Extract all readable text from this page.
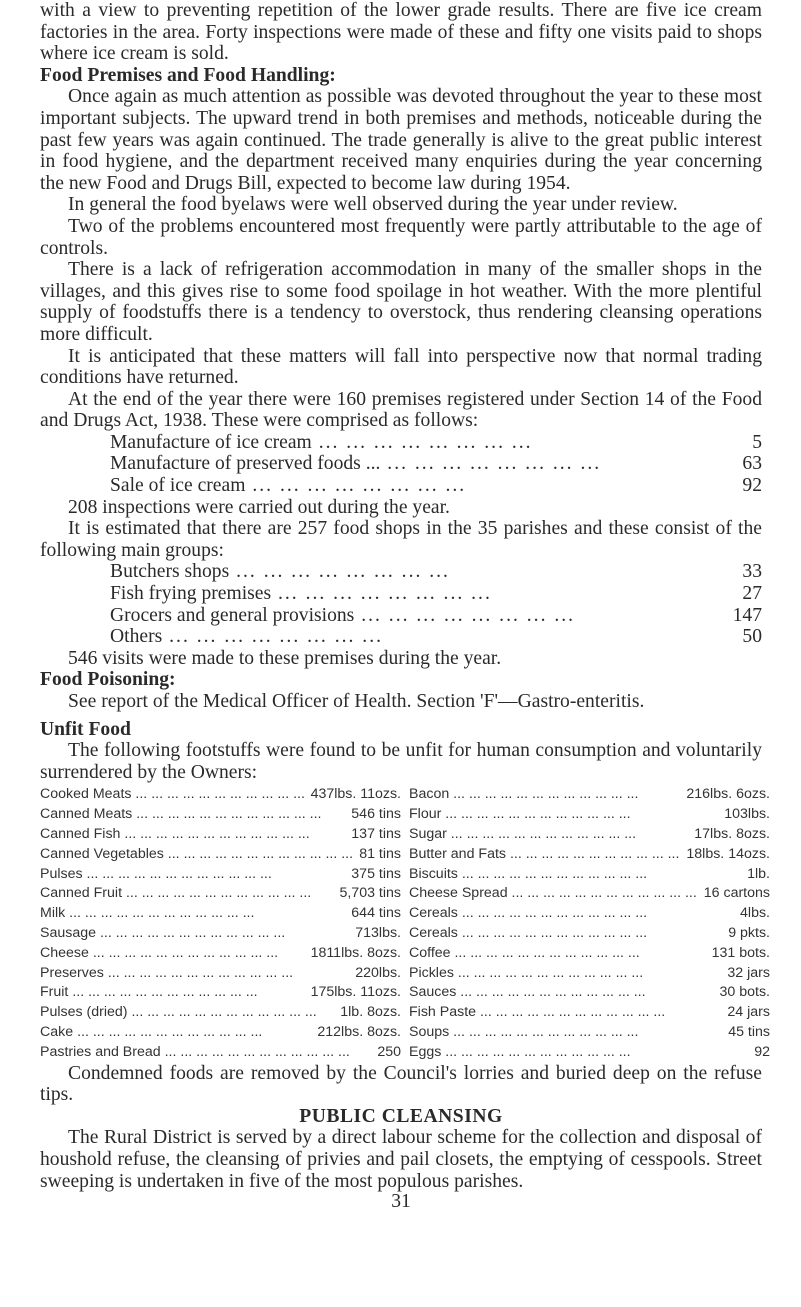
with a view to preventing repetition of the lower grade results. There are five ice cream factories in the area. Forty inspections were made of these and fifty one visits paid to shops where ice cream is sold.

Food Premises and Food Handling:

Once again as much attention as possible was devoted throughout the year to these most important subjects. The upward trend in both premises and methods, noticeable during the past few years was again continued. The trade generally is alive to the great public interest in food hygiene, and the department received many enquiries during the year concerning the new Food and Drugs Bill, expected to become law during 1954.

In general the food byelaws were well observed during the year under review.

Two of the problems encountered most frequently were partly attributable to the age of controls.

There is a lack of refrigeration accommodation in many of the smaller shops in the villages, and this gives rise to some food spoilage in hot weather. With the more plentiful supply of foodstuffs there is a tendency to overstock, thus rendering cleansing operations more difficult.

It is anticipated that these matters will fall into perspective now that normal trading conditions have returned.

At the end of the year there were 160 premises registered under Section 14 of the Food and Drugs Act, 1938. These were comprised as follows:

Manufacture of ice cream ... .	5
Manufacture of preserved foods ... ... .	63
Sale of ice cream ... .	92

208 inspections were carried out during the year.

It is estimated that there are 257 food shops in the 35 parishes and these consist of the following main groups:

Butchers shops ... .	33
Fish frying premises ... .	27
Grocers and general provisions ... .	147
Others ... .	50

546 visits were made to these premises during the year.

Food Poisoning:

See report of the Medical Officer of Health. Section 'F'—Gastro-enteritis.

Unfit Food

The following footstuffs were found to be unfit for human consumption and voluntarily surrendered by the Owners:

Cooked Meats ... .	437lbs. 11ozs.
Canned Meats ... .	546 tins
Canned Fish ... .	137 tins
Canned Vegetables ... .	81 tins
Pulses ... .	375 tins
Canned Fruit ... .	5,703 tins
Milk ... .	644 tins
Sausage ... .	713lbs.
Cheese ... .	1811lbs. 8ozs.
Preserves ... .	220lbs.
Fruit ... .	175lbs. 11ozs.
Pulses (dried) ... .	1lb. 8ozs.
Cake ... .	212lbs. 8ozs.
Pastries and Bread ... .	250
Bacon ... .	216lbs. 6ozs.
Flour ... .	103lbs.
Sugar ... .	17lbs. 8ozs.
Butter and Fats ... .	18lbs. 14ozs.
Biscuits ... .	1lb.
Cheese Spread ... .	16 cartons
Cereals ... .	4lbs.
Cereals ... .	9 pkts.
Coffee ... .	131 bots.
Pickles ... .	32 jars
Sauces ... .	30 bots.
Fish Paste ... .	24 jars
Soups ... .	45 tins
Eggs ... .	92

Condemned foods are removed by the Council's lorries and buried deep on the refuse tips.

PUBLIC CLEANSING

The Rural District is served by a direct labour scheme for the collection and disposal of houshold refuse, the cleansing of privies and pail closets, the emptying of cesspools. Street sweeping is undertaken in five of the most populous parishes.

31
